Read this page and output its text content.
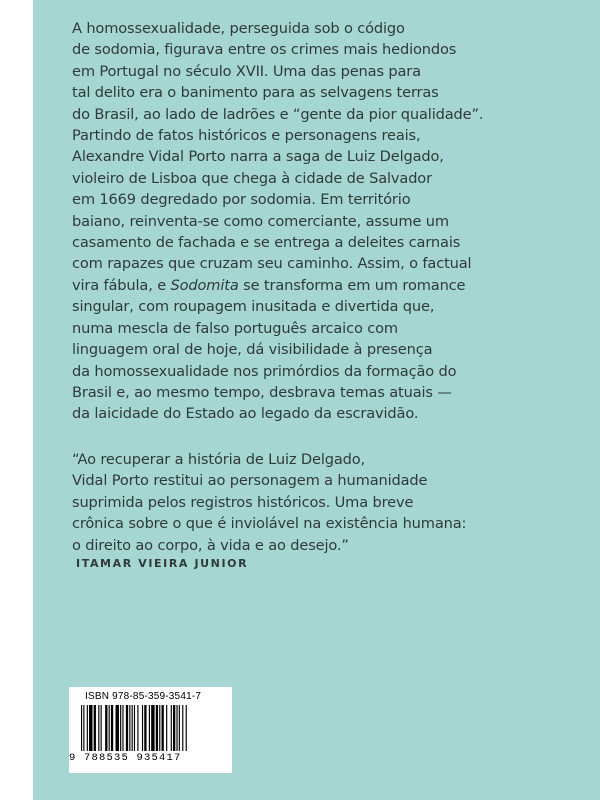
A homossexualidade, perseguida sob o código
de sodomia, figurava entre os crimes mais hediondos
em Portugal no século XVII. Uma das penas para
tal delito era o banimento para as selvagens terras
do Brasil, ao lado de ladrões e “gente da pior qualidade”.
Partindo de fatos históricos e personagens reais,
Alexandre Vidal Porto narra a saga de Luiz Delgado,
violeiro de Lisboa que chega à cidade de Salvador
em 1669 degredado por sodomia. Em território
baiano, reinventa-se como comerciante, assume um
casamento de fachada e se entrega a deleites carnais
com rapazes que cruzam seu caminho. Assim, o factual
vira fábula, e Sodomita se transforma em um romance
singular, com roupagem inusitada e divertida que,
numa mescla de falso português arcaico com
linguagem oral de hoje, dá visibilidade à presença
da homossexualidade nos primórdios da formação do
Brasil e, ao mesmo tempo, desbrava temas atuais —
da laicidade do Estado ao legado da escravidão.
“Ao recuperar a história de Luiz Delgado,
Vidal Porto restitui ao personagem a humanidade
suprimida pelos registros históricos. Uma breve
crônica sobre o que é inviolável na existência humana:
o direito ao corpo, à vida e ao desejo.”
ITAMAR VIEIRA JUNIOR
ISBN 978-85-359-3541-7
9 788535 935417
